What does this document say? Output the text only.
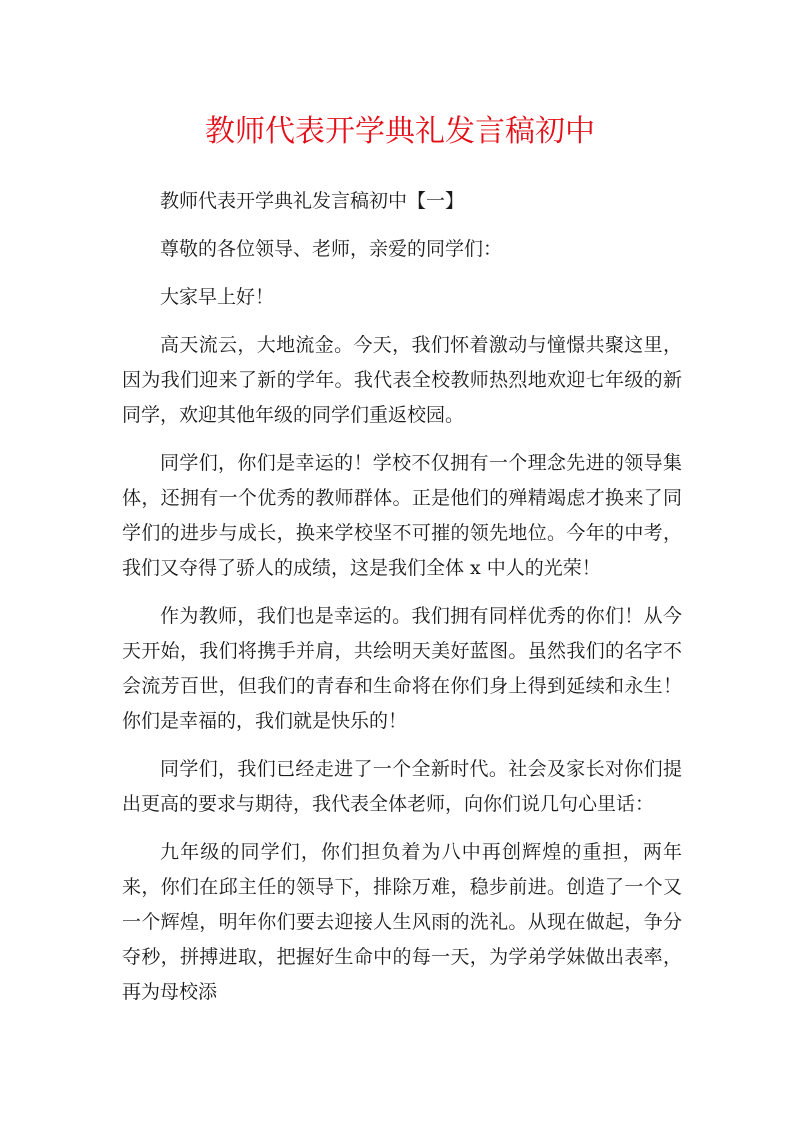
教师代表开学典礼发言稿初中

教师代表开学典礼发言稿初中【一】

尊敬的各位领导、老师，亲爱的同学们：

大家早上好！

高天流云，大地流金。今天，我们怀着激动与憧憬共聚这里，因为我们迎来了新的学年。我代表全校教师热烈地欢迎七年级的新同学，欢迎其他年级的同学们重返校园。

同学们，你们是幸运的！学校不仅拥有一个理念先进的领导集体，还拥有一个优秀的教师群体。正是他们的殚精竭虑才换来了同学们的进步与成长，换来学校坚不可摧的领先地位。今年的中考，我们又夺得了骄人的成绩，这是我们全体 x 中人的光荣！

作为教师，我们也是幸运的。我们拥有同样优秀的你们！从今天开始，我们将携手并肩，共绘明天美好蓝图。虽然我们的名字不会流芳百世，但我们的青春和生命将在你们身上得到延续和永生！你们是幸福的，我们就是快乐的！

同学们，我们已经走进了一个全新时代。社会及家长对你们提出更高的要求与期待，我代表全体老师，向你们说几句心里话：

九年级的同学们，你们担负着为八中再创辉煌的重担，两年来，你们在邱主任的领导下，排除万难，稳步前进。创造了一个又一个辉煌，明年你们要去迎接人生风雨的洗礼。从现在做起，争分夺秒，拼搏进取，把握好生命中的每一天，为学弟学妹做出表率，再为母校添
